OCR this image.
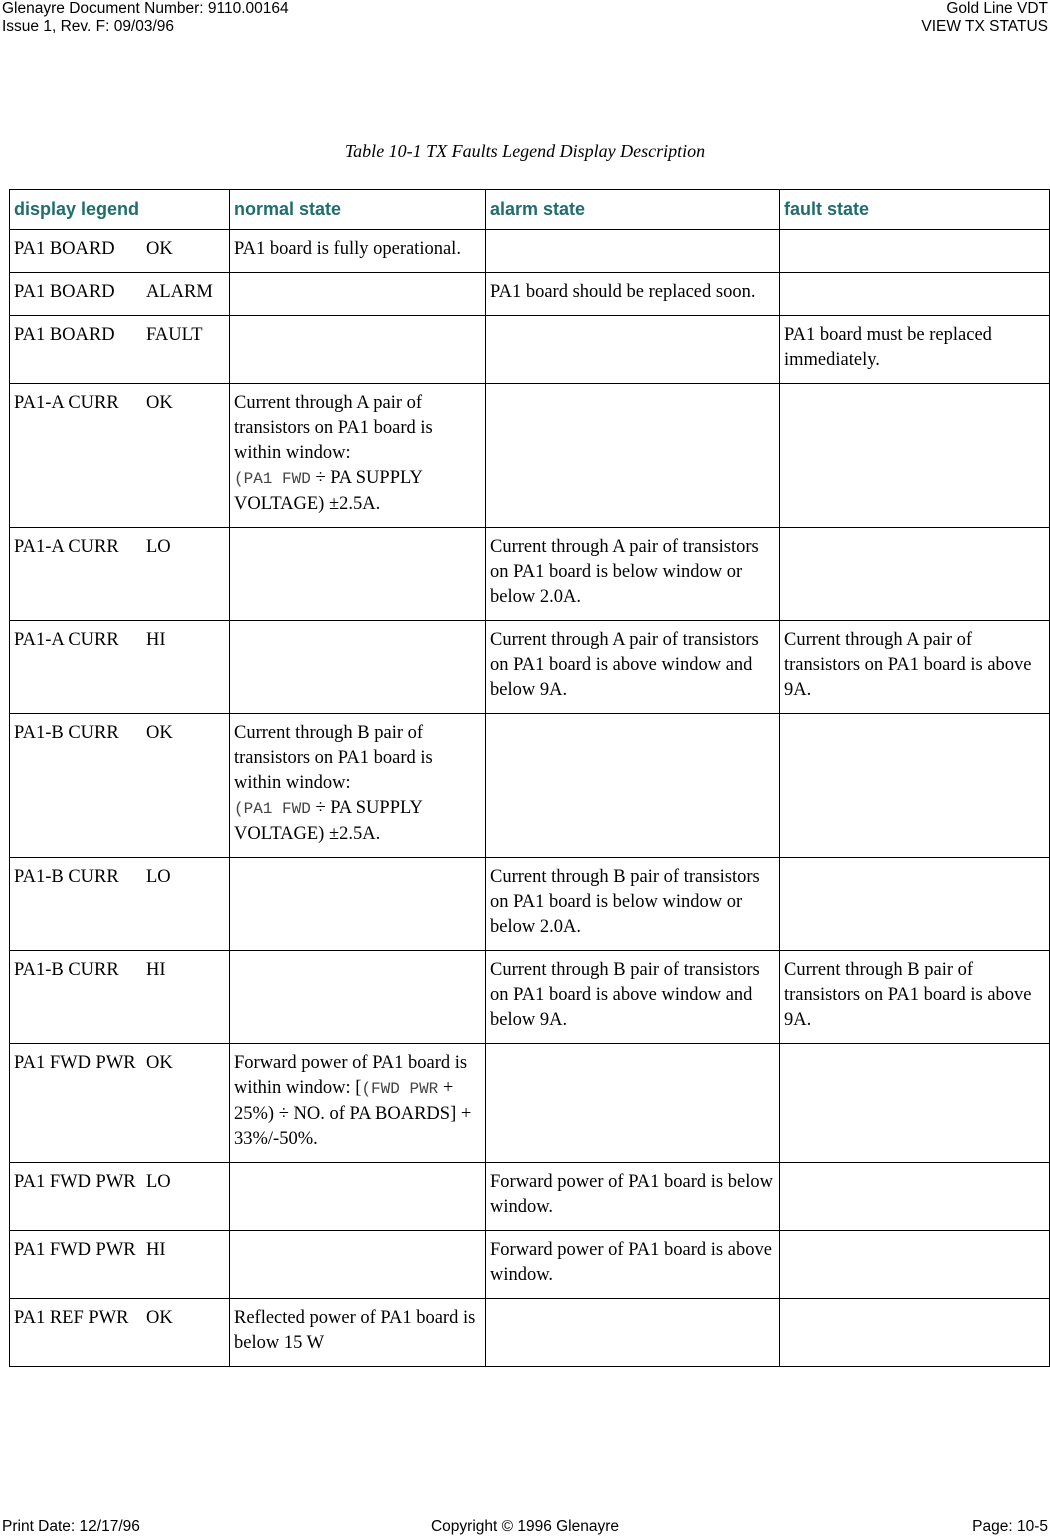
Glenayre Document Number: 9110.00164
Issue 1, Rev. F: 09/03/96
Gold Line VDT
VIEW TX STATUS
Table 10-1 TX Faults Legend Display Description
display legend	normal state	alarm state	fault state

PA1 BOARD OK	PA1 board is fully operational.		

PA1 BOARD ALARM		PA1 board should be replaced soon.	

PA1 BOARD FAULT			PA1 board must be replaced immediately.

PA1-A CURR OK	Current through A pair of transistors on PA1 board is within window:
(PA1 FWD ÷ PA SUPPLY VOLTAGE) ±2.5A.		

PA1-A CURR LO		Current through A pair of transistors on PA1 board is below window or below 2.0A.	

PA1-A CURR HI		Current through A pair of transistors on PA1 board is above window and below 9A.	Current through A pair of transistors on PA1 board is above 9A.

PA1-B CURR OK	Current through B pair of transistors on PA1 board is within window:
(PA1 FWD ÷ PA SUPPLY VOLTAGE) ±2.5A.		

PA1-B CURR LO		Current through B pair of transistors on PA1 board is below window or below 2.0A.	

PA1-B CURR HI		Current through B pair of transistors on PA1 board is above window and below 9A.	Current through B pair of transistors on PA1 board is above 9A.

PA1 FWD PWR OK	Forward power of PA1 board is within window: [(FWD PWR + 25%) ÷ NO. of PA BOARDS] + 33%/-50%.		

PA1 FWD PWR LO		Forward power of PA1 board is below window.	

PA1 FWD PWR HI		Forward power of PA1 board is above window.	

PA1 REF PWR OK	Reflected power of PA1 board is below 15 W		
Print Date: 12/17/96	Copyright © 1996 Glenayre	Page: 10-5
